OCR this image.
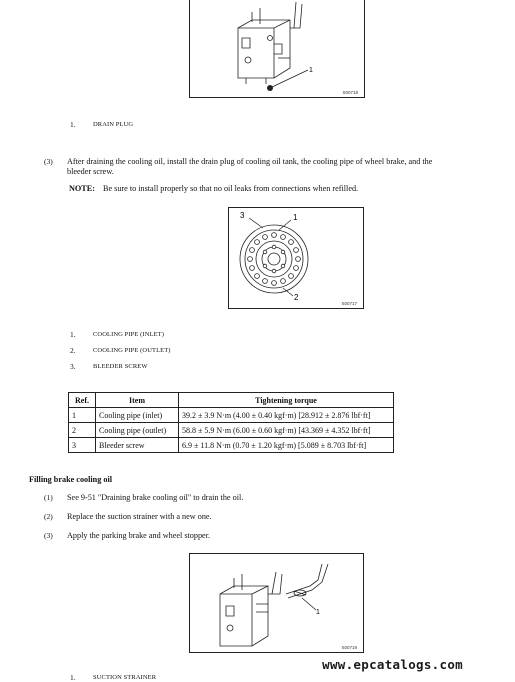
1
S00718
1.	DRAIN PLUG
(3) After draining the cooling oil, install the drain plug of cooling oil tank, the cooling pipe of wheel brake, and the
bleeder screw.
NOTE: Be sure to install properly so that no oil leaks from connections when refilled.
3	1
2
S00717
1.	COOLING PIPE (INLET)
2.	COOLING PIPE (OUTLET)
3.	BLEEDER SCREW
Ref.	Item	Tightening torque
1	Cooling pipe (inlet)	39.2 ± 3.9 N·m (4.00 ± 0.40 kgf·m) [28.912 ± 2.876 lbf·ft]
2	Cooling pipe (outlet)	58.8 ± 5.9 N·m (6.00 ± 0.60 kgf·m) [43.369 ± 4.352 lbf·ft]
3	Bleeder screw	6.9 ± 11.8 N·m (0.70 ± 1.20 kgf·m) [5.089 ± 8.703 lbf·ft]
Filling brake cooling oil
(1) See 9-51 "Draining brake cooling oil" to drain the oil.
(2) Replace the suction strainer with a new one.
(3) Apply the parking brake and wheel stopper.
1
S00719
1.	SUCTION STRAINER
www.epcatalogs.com
